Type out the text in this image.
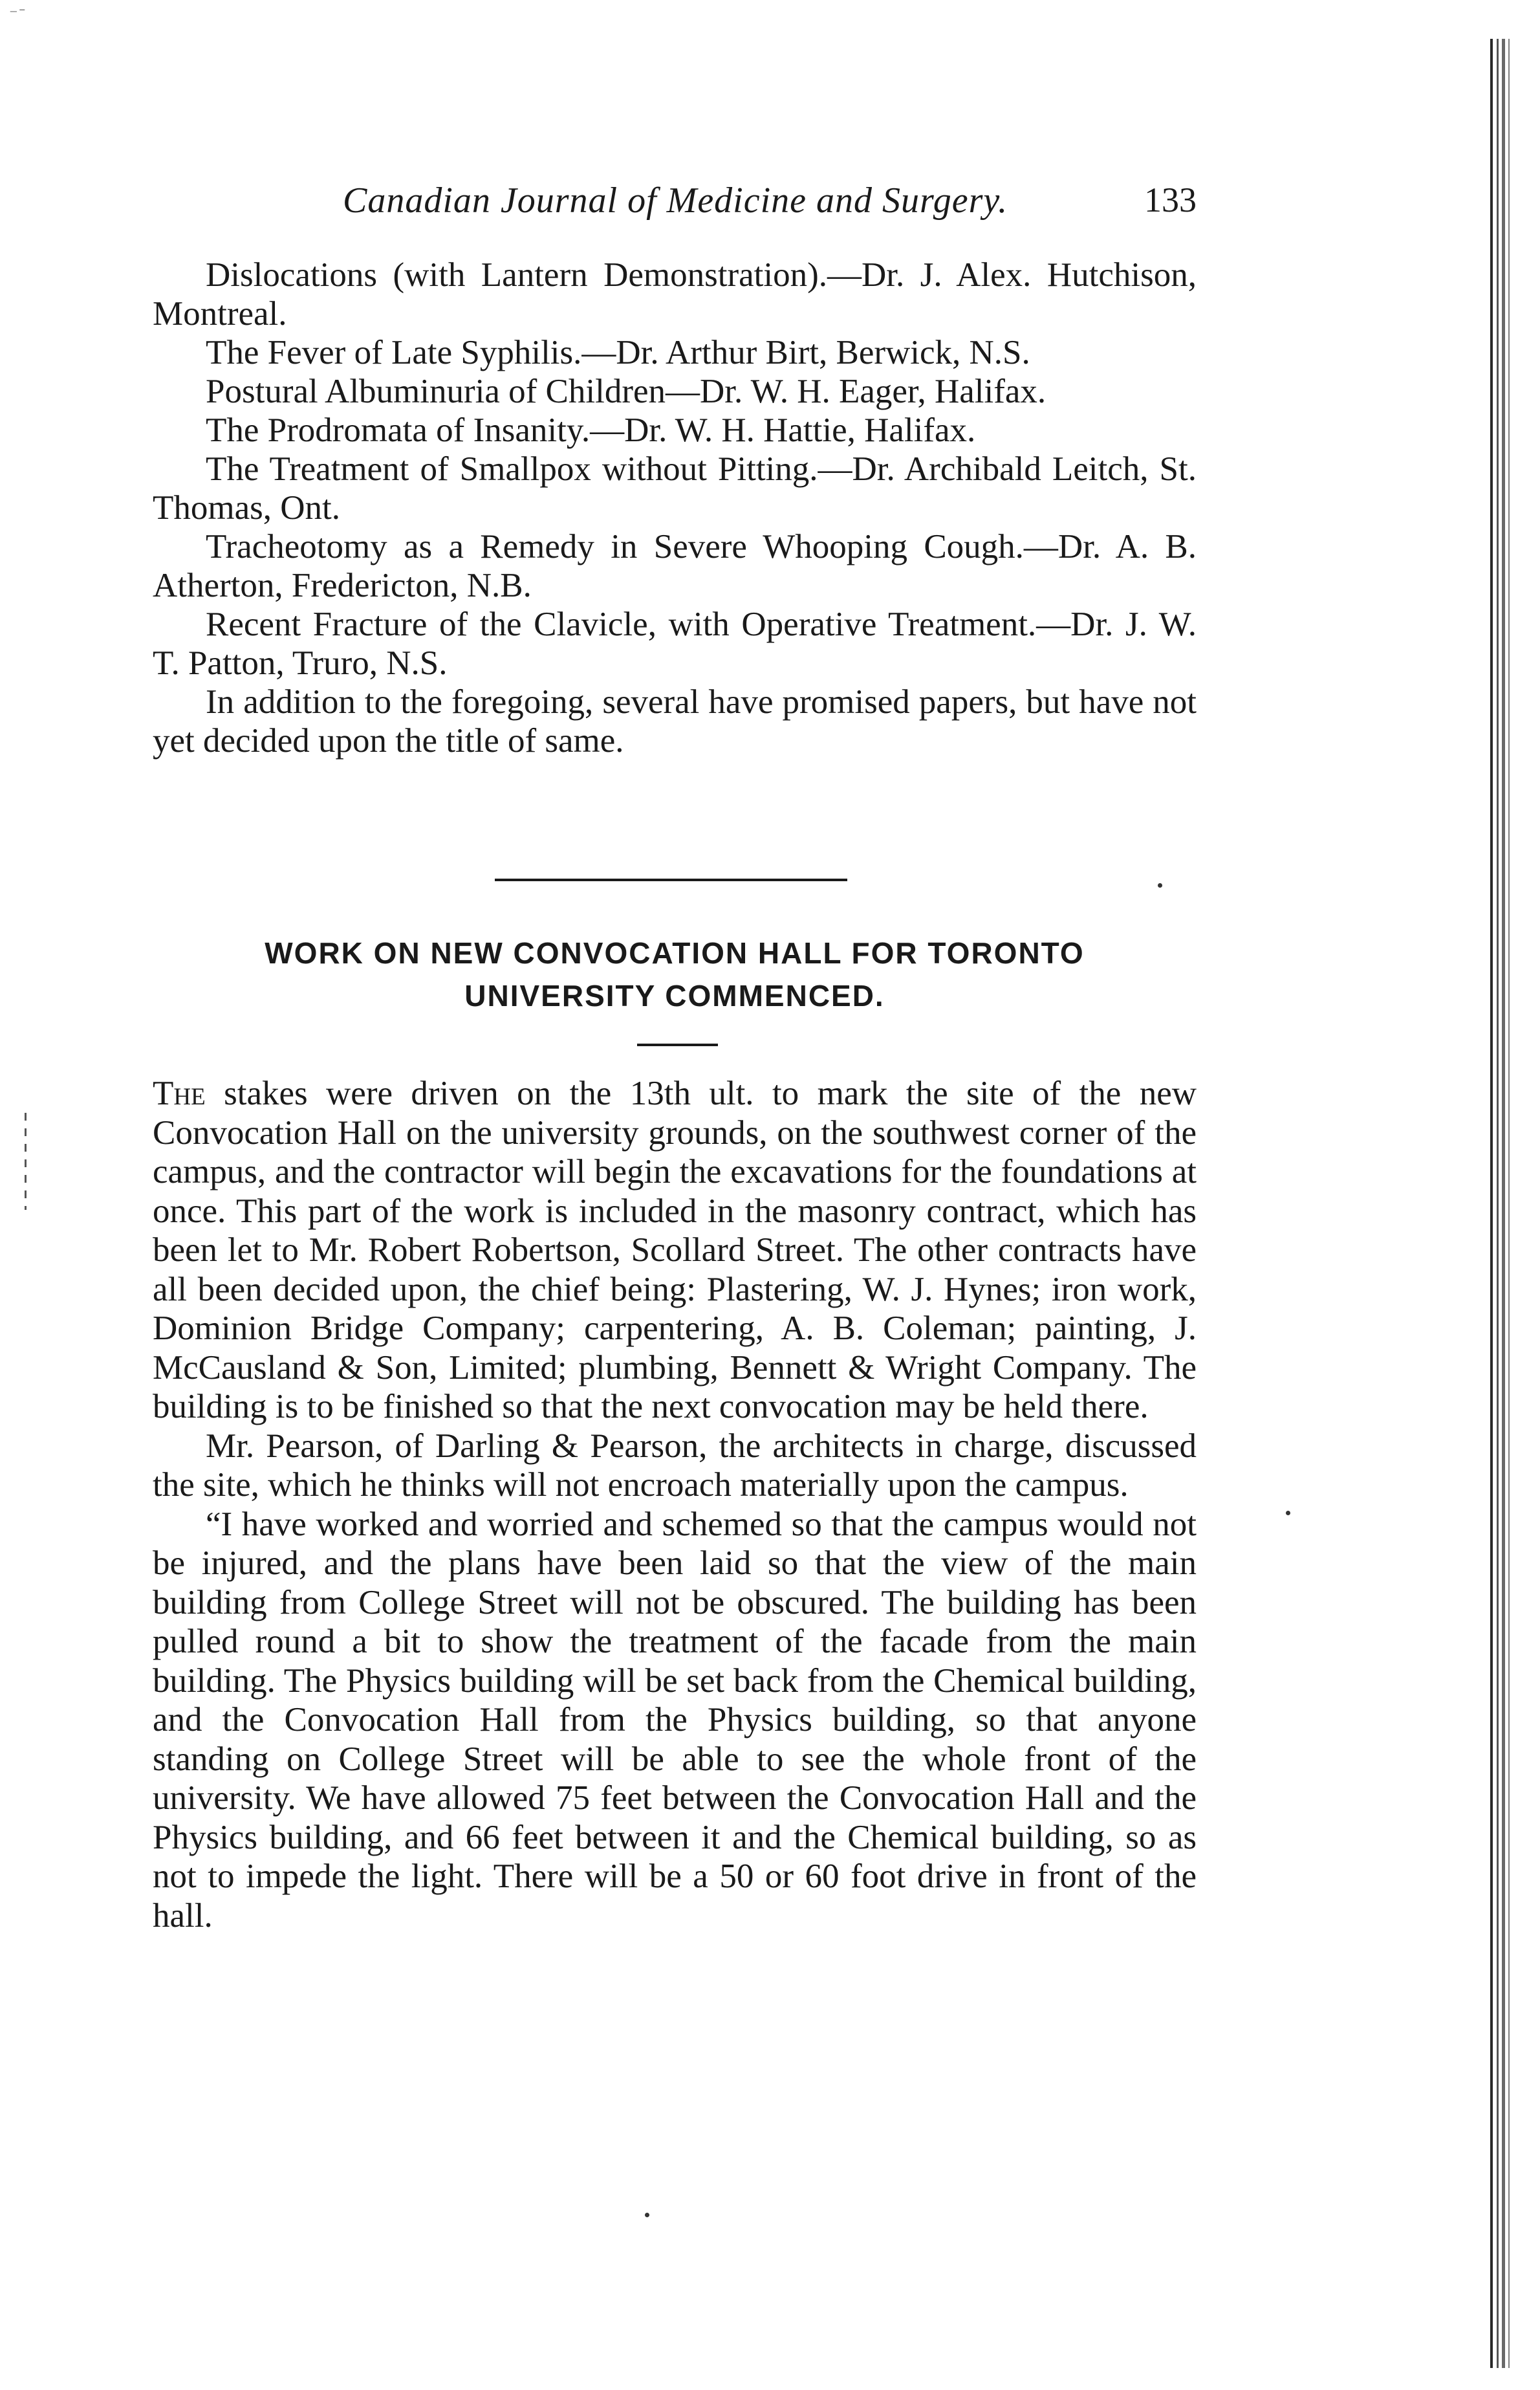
⁻ ̄
Canadian Journal of Medicine and Surgery.	133

Dislocations (with Lantern Demonstration).—Dr. J. Alex. Hutchison, Montreal.

The Fever of Late Syphilis.—Dr. Arthur Birt, Berwick, N.S.

Postural Albuminuria of Children—Dr. W. H. Eager, Halifax.

The Prodromata of Insanity.—Dr. W. H. Hattie, Halifax.

The Treatment of Smallpox without Pitting.—Dr. Archibald Leitch, St. Thomas, Ont.

Tracheotomy as a Remedy in Severe Whooping Cough.—Dr. A. B. Atherton, Fredericton, N.B.

Recent Fracture of the Clavicle, with Operative Treatment.—Dr. J. W. T. Patton, Truro, N.S.

In addition to the foregoing, several have promised papers, but have not yet decided upon the title of same.

WORK ON NEW CONVOCATION HALL FOR TORONTO
UNIVERSITY COMMENCED.

The stakes were driven on the 13th ult. to mark the site of the new Convocation Hall on the university grounds, on the southwest corner of the campus, and the contractor will begin the excavations for the foundations at once. This part of the work is included in the masonry contract, which has been let to Mr. Robert Robertson, Scollard Street. The other contracts have all been decided upon, the chief being: Plastering, W. J. Hynes; iron work, Dominion Bridge Company; carpentering, A. B. Coleman; painting, J. McCausland & Son, Limited; plumbing, Bennett & Wright Company. The building is to be finished so that the next convocation may be held there.

Mr. Pearson, of Darling & Pearson, the architects in charge, discussed the site, which he thinks will not encroach materially upon the campus.

“I have worked and worried and schemed so that the campus would not be injured, and the plans have been laid so that the view of the main building from College Street will not be obscured. The building has been pulled round a bit to show the treatment of the facade from the main building. The Physics building will be set back from the Chemical building, and the Convocation Hall from the Physics building, so that anyone standing on College Street will be able to see the whole front of the university. We have allowed 75 feet between the Convocation Hall and the Physics building, and 66 feet between it and the Chemical building, so as not to impede the light. There will be a 50 or 60 foot drive in front of the hall.
